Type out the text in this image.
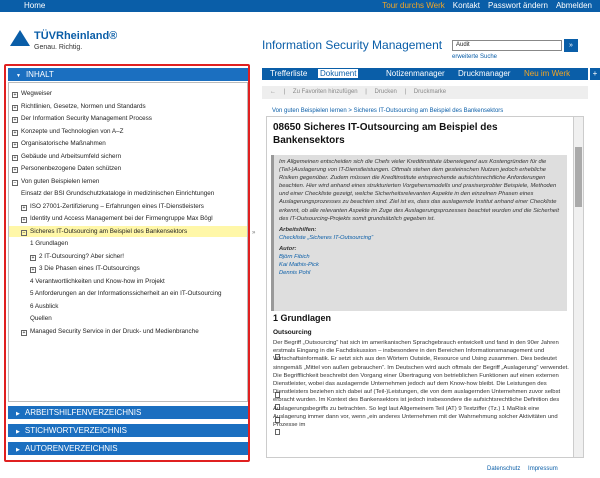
Home	Tour durchs Werk Kontakt Passwort ändern Abmelden
TÜVRheinland®
Genau. Richtig.	Information Security Management	Audit	»
erweiterte Suche
▼ INHALT
+ Wegweiser
+ Richtlinien, Gesetze, Normen und Standards
+ Der Information Security Management Process
+ Konzepte und Technologien von A–Z
+ Organisatorische Maßnahmen
+ Gebäude und Arbeitsumfeld sichern
+ Personenbezogene Daten schützen
− Von guten Beispielen lernen
Einsatz der BSI Grundschutzkataloge in medizinischen Einrichtungen
+ ISO 27001-Zertifizierung – Erfahrungen eines IT-Dienstleisters
+ Identity und Access Management bei der Firmengruppe Max Bögl
− Sicheres IT-Outsourcing am Beispiel des Bankensektors
1 Grundlagen
+ 2 IT-Outsourcing? Aber sicher!
+ 3 Die Phasen eines IT-Outsourcings
4 Verantwortlichkeiten und Know-how im Projekt
5 Anforderungen an der Informationssicherheit an ein IT-Outsourcing
6 Ausblick
Quellen
+ Managed Security Service in der Druck- und Medienbranche
▶ ARBEITSHILFENVERZEICHNIS
▶ STICHWORTVERZEICHNIS
▶ AUTORENVERZEICHNIS
»
Trefferliste Dokument	Notizenmanager Druckmanager Neu im Werk	+
← | Zu Favoriten hinzufügen | Drucken | Druckmarke
Von guten Beispielen lernen > Sicheres IT-Outsourcing am Beispiel des Bankensektors
08650 Sicheres IT-Outsourcing am Beispiel des Bankensektors
Im Allgemeinen entscheiden sich die Chefs vieler Kreditinstitute überwiegend aus Kostengründen für die (Teil-)Auslagerung von IT-Dienstleistungen. Oftmals stehen dem gesteinschen Nutzen jedoch erhebliche Risiken gegenüber. Zudem müssen die Kreditinstitute entsprechende aufsichtsrechtliche Anforderungen beachten. Hier wird anhand eines strukturierten Vorgehensmodells und praxiserprobter Beispiele, Methoden und einer Checkliste gezeigt, welche Sicherheitsrelevanten Aspekte in den einzelnen Phasen eines Auslagerungsprozesses zu beachten sind. Ziel ist es, dass das auslagernde Institut anhand einer Checkliste erkennt, ob alle relevanten Aspekte im Zuge des Auslagerungsprozesses beachtet wurden und die Sicherheit des IT-Outsourcing-Projekts somit grundsätzlich gegeben ist.
Arbeitshilfen:
Checkliste „Sicheres IT-Outsourcing“
Autor:
Björn Fibich
Kai Mathis-Pick
Dennis Pohl
1 Grundlagen
Outsourcing
Der Begriff „Outsourcing“ hat sich im amerikanischen Sprachgebrauch entwickelt und fand in den 90er Jahren erstmals Eingang in die Fachdiskussion – insbesondere in den Bereichen Informationsmanagement und Wirtschaftsinformatik. Er setzt sich aus den Wörtern Outside, Resource und Using zusammen. Dies bedeutet sinngemäß „Mittel von außen gebrauchen“. Im Deutschen wird auch oftmals der Begriff „Auslagerung“ verwendet. Die Begrifflichkeit beschreibt den Vorgang einer Übertragung von betrieblichen Funktionen auf einen externen Dienstleister, wobei das auslagernde Unternehmen jedoch auf dem Know-how bleibt. Die Leistungen des Dienstleisters beziehen sich dabei auf (Teil-)Leistungen, die von dem auslagernden Unternehmen zuvor selbst erbracht wurden. Im Kontext des Bankensektors ist jedoch insbesondere die aufsichtsrechtliche Definition des Auslagerungsbegriffs zu betrachten. So legt laut Allgemeinem Teil (AT) 9 Textziffer (Tz.) 1 MaRisk eine Auslagerung immer dann vor, wenn „ein anderes Unternehmen mit der Wahrnehmung solcher Aktivitäten und Prozesse im
Datenschutz Impressum
